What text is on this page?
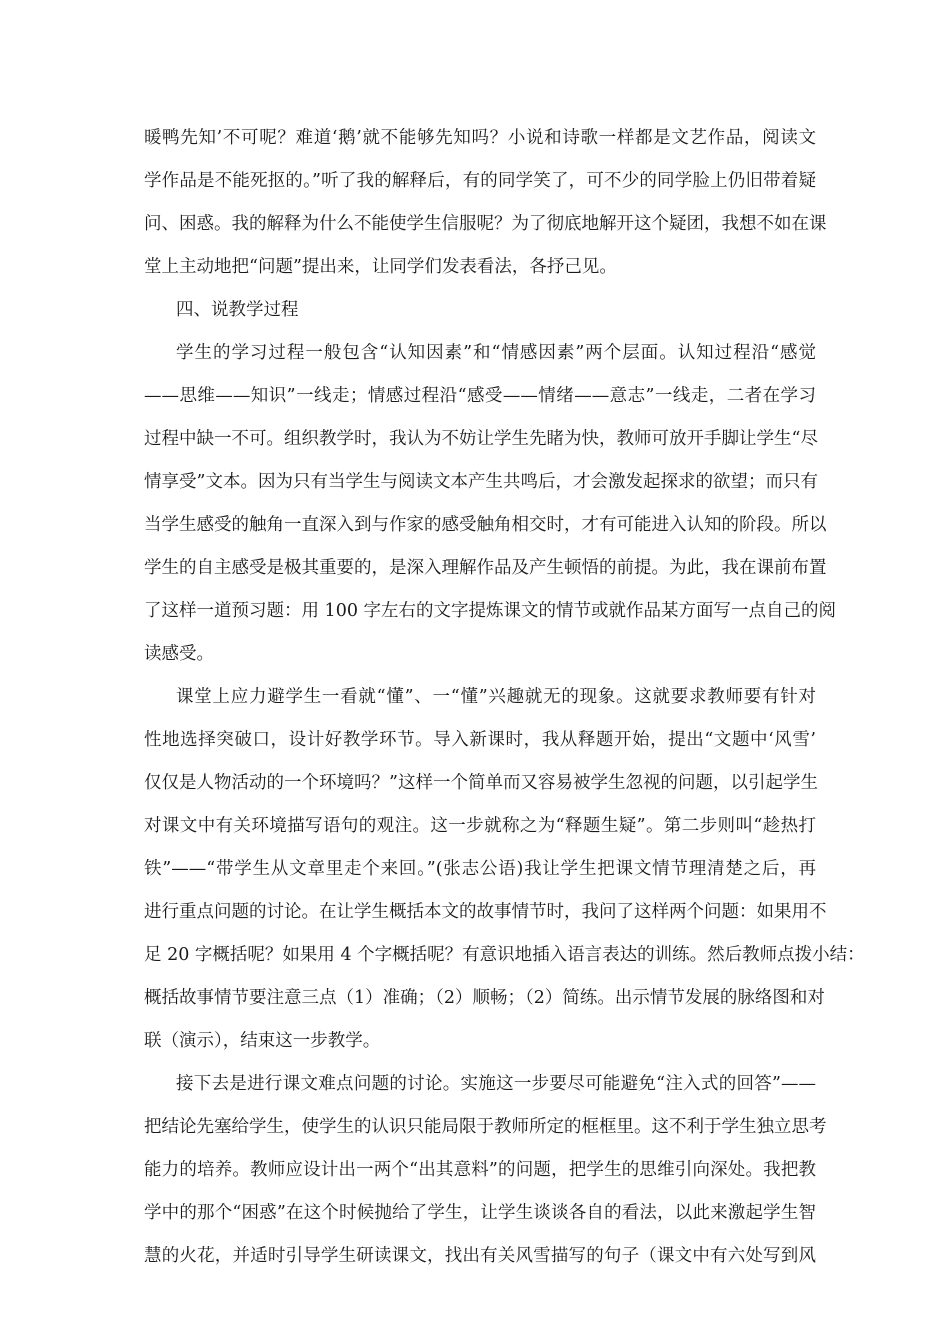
暖鸭先知’不可呢？难道‘鹅’就不能够先知吗？小说和诗歌一样都是文艺作品，阅读文
学作品是不能死抠的。”听了我的解释后，有的同学笑了，可不少的同学脸上仍旧带着疑
问、困惑。我的解释为什么不能使学生信服呢？为了彻底地解开这个疑团，我想不如在课
堂上主动地把“问题”提出来，让同学们发表看法，各抒己见。
四、说教学过程
学生的学习过程一般包含“认知因素”和“情感因素”两个层面。认知过程沿“感觉
——思维——知识”一线走；情感过程沿“感受——情绪——意志”一线走，二者在学习
过程中缺一不可。组织教学时，我认为不妨让学生先睹为快，教师可放开手脚让学生“尽
情享受”文本。因为只有当学生与阅读文本产生共鸣后，才会激发起探求的欲望；而只有
当学生感受的触角一直深入到与作家的感受触角相交时，才有可能进入认知的阶段。所以
学生的自主感受是极其重要的，是深入理解作品及产生顿悟的前提。为此，我在课前布置
了这样一道预习题：用 100 字左右的文字提炼课文的情节或就作品某方面写一点自己的阅
读感受。
课堂上应力避学生一看就“懂”、一“懂”兴趣就无的现象。这就要求教师要有针对
性地选择突破口，设计好教学环节。导入新课时，我从释题开始，提出“文题中‘风雪’
仅仅是人物活动的一个环境吗？”这样一个简单而又容易被学生忽视的问题，以引起学生
对课文中有关环境描写语句的观注。这一步就称之为“释题生疑”。第二步则叫“趁热打
铁”——“带学生从文章里走个来回。”(张志公语)我让学生把课文情节理清楚之后，再
进行重点问题的讨论。在让学生概括本文的故事情节时，我问了这样两个问题：如果用不
足 20 字概括呢？如果用 4 个字概括呢？有意识地插入语言表达的训练。然后教师点拨小结：
概括故事情节要注意三点（1）准确；（2）顺畅；（2）简练。出示情节发展的脉络图和对
联（演示），结束这一步教学。
接下去是进行课文难点问题的讨论。实施这一步要尽可能避免“注入式的回答”——
把结论先塞给学生，使学生的认识只能局限于教师所定的框框里。这不利于学生独立思考
能力的培养。教师应设计出一两个“出其意料”的问题，把学生的思维引向深处。我把教
学中的那个“困惑”在这个时候抛给了学生，让学生谈谈各自的看法，以此来激起学生智
慧的火花，并适时引导学生研读课文，找出有关风雪描写的句子（课文中有六处写到风
